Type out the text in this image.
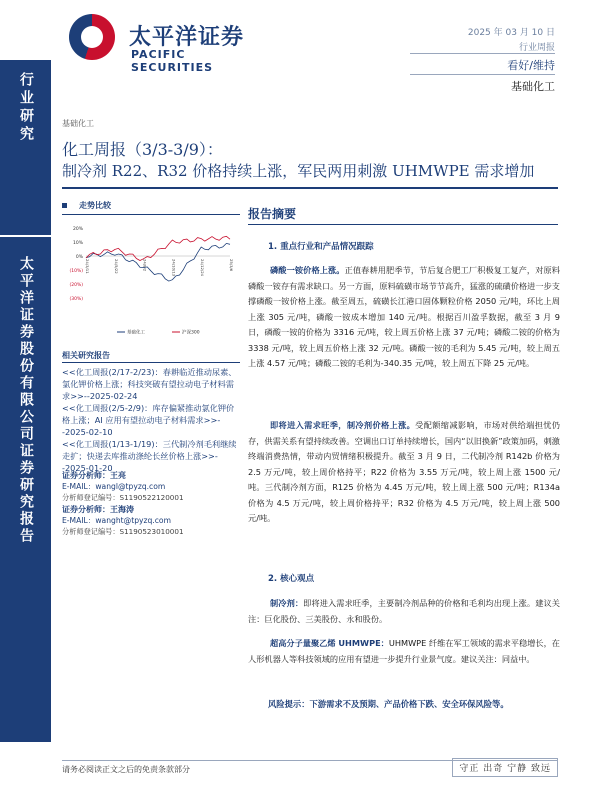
行业研究
太平洋证券股份有限公司证券研究报告
太平洋证券
PACIFIC SECURITIES
2025 年 03 月 10 日
行业周报
看好/维持
基础化工
基础化工
化工周报（3/3-3/9）：
制冷剂 R22、R32 价格持续上涨，军民两用刺激 UHMWPE 需求增加
走势比较
20%
10%
0%
(10%)
(20%)
(30%)
24/3/11	24/5/22	24/8/2	24/10/13	24/12/24	25/3/6
基础化工	沪深300
相关研究报告

<<化工周报(2/17-2/23)：春耕临近推动尿素、氯化钾价格上涨；科技突破有望拉动电子材料需求>>--2025-02-24

<<化工周报(2/5-2/9)：库存偏紧推动氯化钾价格上涨；AI 应用有望拉动电子材料需求>>--2025-02-10

<<化工周报(1/13-1/19)：三代制冷剂毛利继续走扩；快递去库推动涤纶长丝价格上涨>>--2025-01-20

证券分析师：王亮
E-MAIL：wangl@tpyzq.com
分析师登记编号：S1190522120001
证券分析师：王海涛
E-MAIL：wanght@tpyzq.com
分析师登记编号：S1190523010001
报告摘要
1. 重点行业和产品情况跟踪
磷酸一铵价格上涨。正值春耕用肥季节，节后复合肥工厂积极复工复产，对原料磷酸一铵存有需求缺口。另一方面，原料硫磺市场节节高升，猛涨的硫磺价格进一步支撑磷酸一铵价格上涨。截至周五，硫磺长江港口固体颗粒价格 2050 元/吨，环比上周上涨 305 元/吨，磷酸一铵成本增加 140 元/吨。根据百川盈孚数据，截至 3 月 9 日，磷酸一铵的价格为 3316 元/吨，较上周五价格上涨 37 元/吨；磷酸二铵的价格为 3338 元/吨，较上周五价格上涨 32 元/吨。磷酸一铵的毛利为 5.45 元/吨，较上周五上涨 4.57 元/吨；磷酸二铵的毛利为-340.35 元/吨，较上周五下降 25 元/吨。
即将进入需求旺季，制冷剂价格上涨。受配额缩减影响，市场对供给端担忧仍存，供需关系有望持续改善。空调出口订单持续增长，国内“以旧换新”政策加码，刺激终端消费热情，带动内贸情绪积极提升。截至 3 月 9 日，二代制冷剂 R142b 价格为 2.5 万元/吨，较上周价格持平；R22 价格为 3.55 万元/吨，较上周上涨 1500 元/吨。三代制冷剂方面，R125 价格为 4.45 万元/吨，较上周上涨 500 元/吨；R134a 价格为 4.5 万元/吨，较上周价格持平；R32 价格为 4.5 万元/吨，较上周上涨 500 元/吨。
2. 核心观点
制冷剂：即将进入需求旺季，主要制冷剂品种的价格和毛利均出现上涨。建议关注：巨化股份、三美股份、永和股份。
超高分子量聚乙烯 UHMWPE：UHMWPE 纤维在军工领域的需求平稳增长，在人形机器人等科技领域的应用有望进一步提升行业景气度。建议关注：同益中。
风险提示：下游需求不及预期、产品价格下跌、安全环保风险等。
请务必阅读正文之后的免责条款部分	守正 出奇 宁静 致远
